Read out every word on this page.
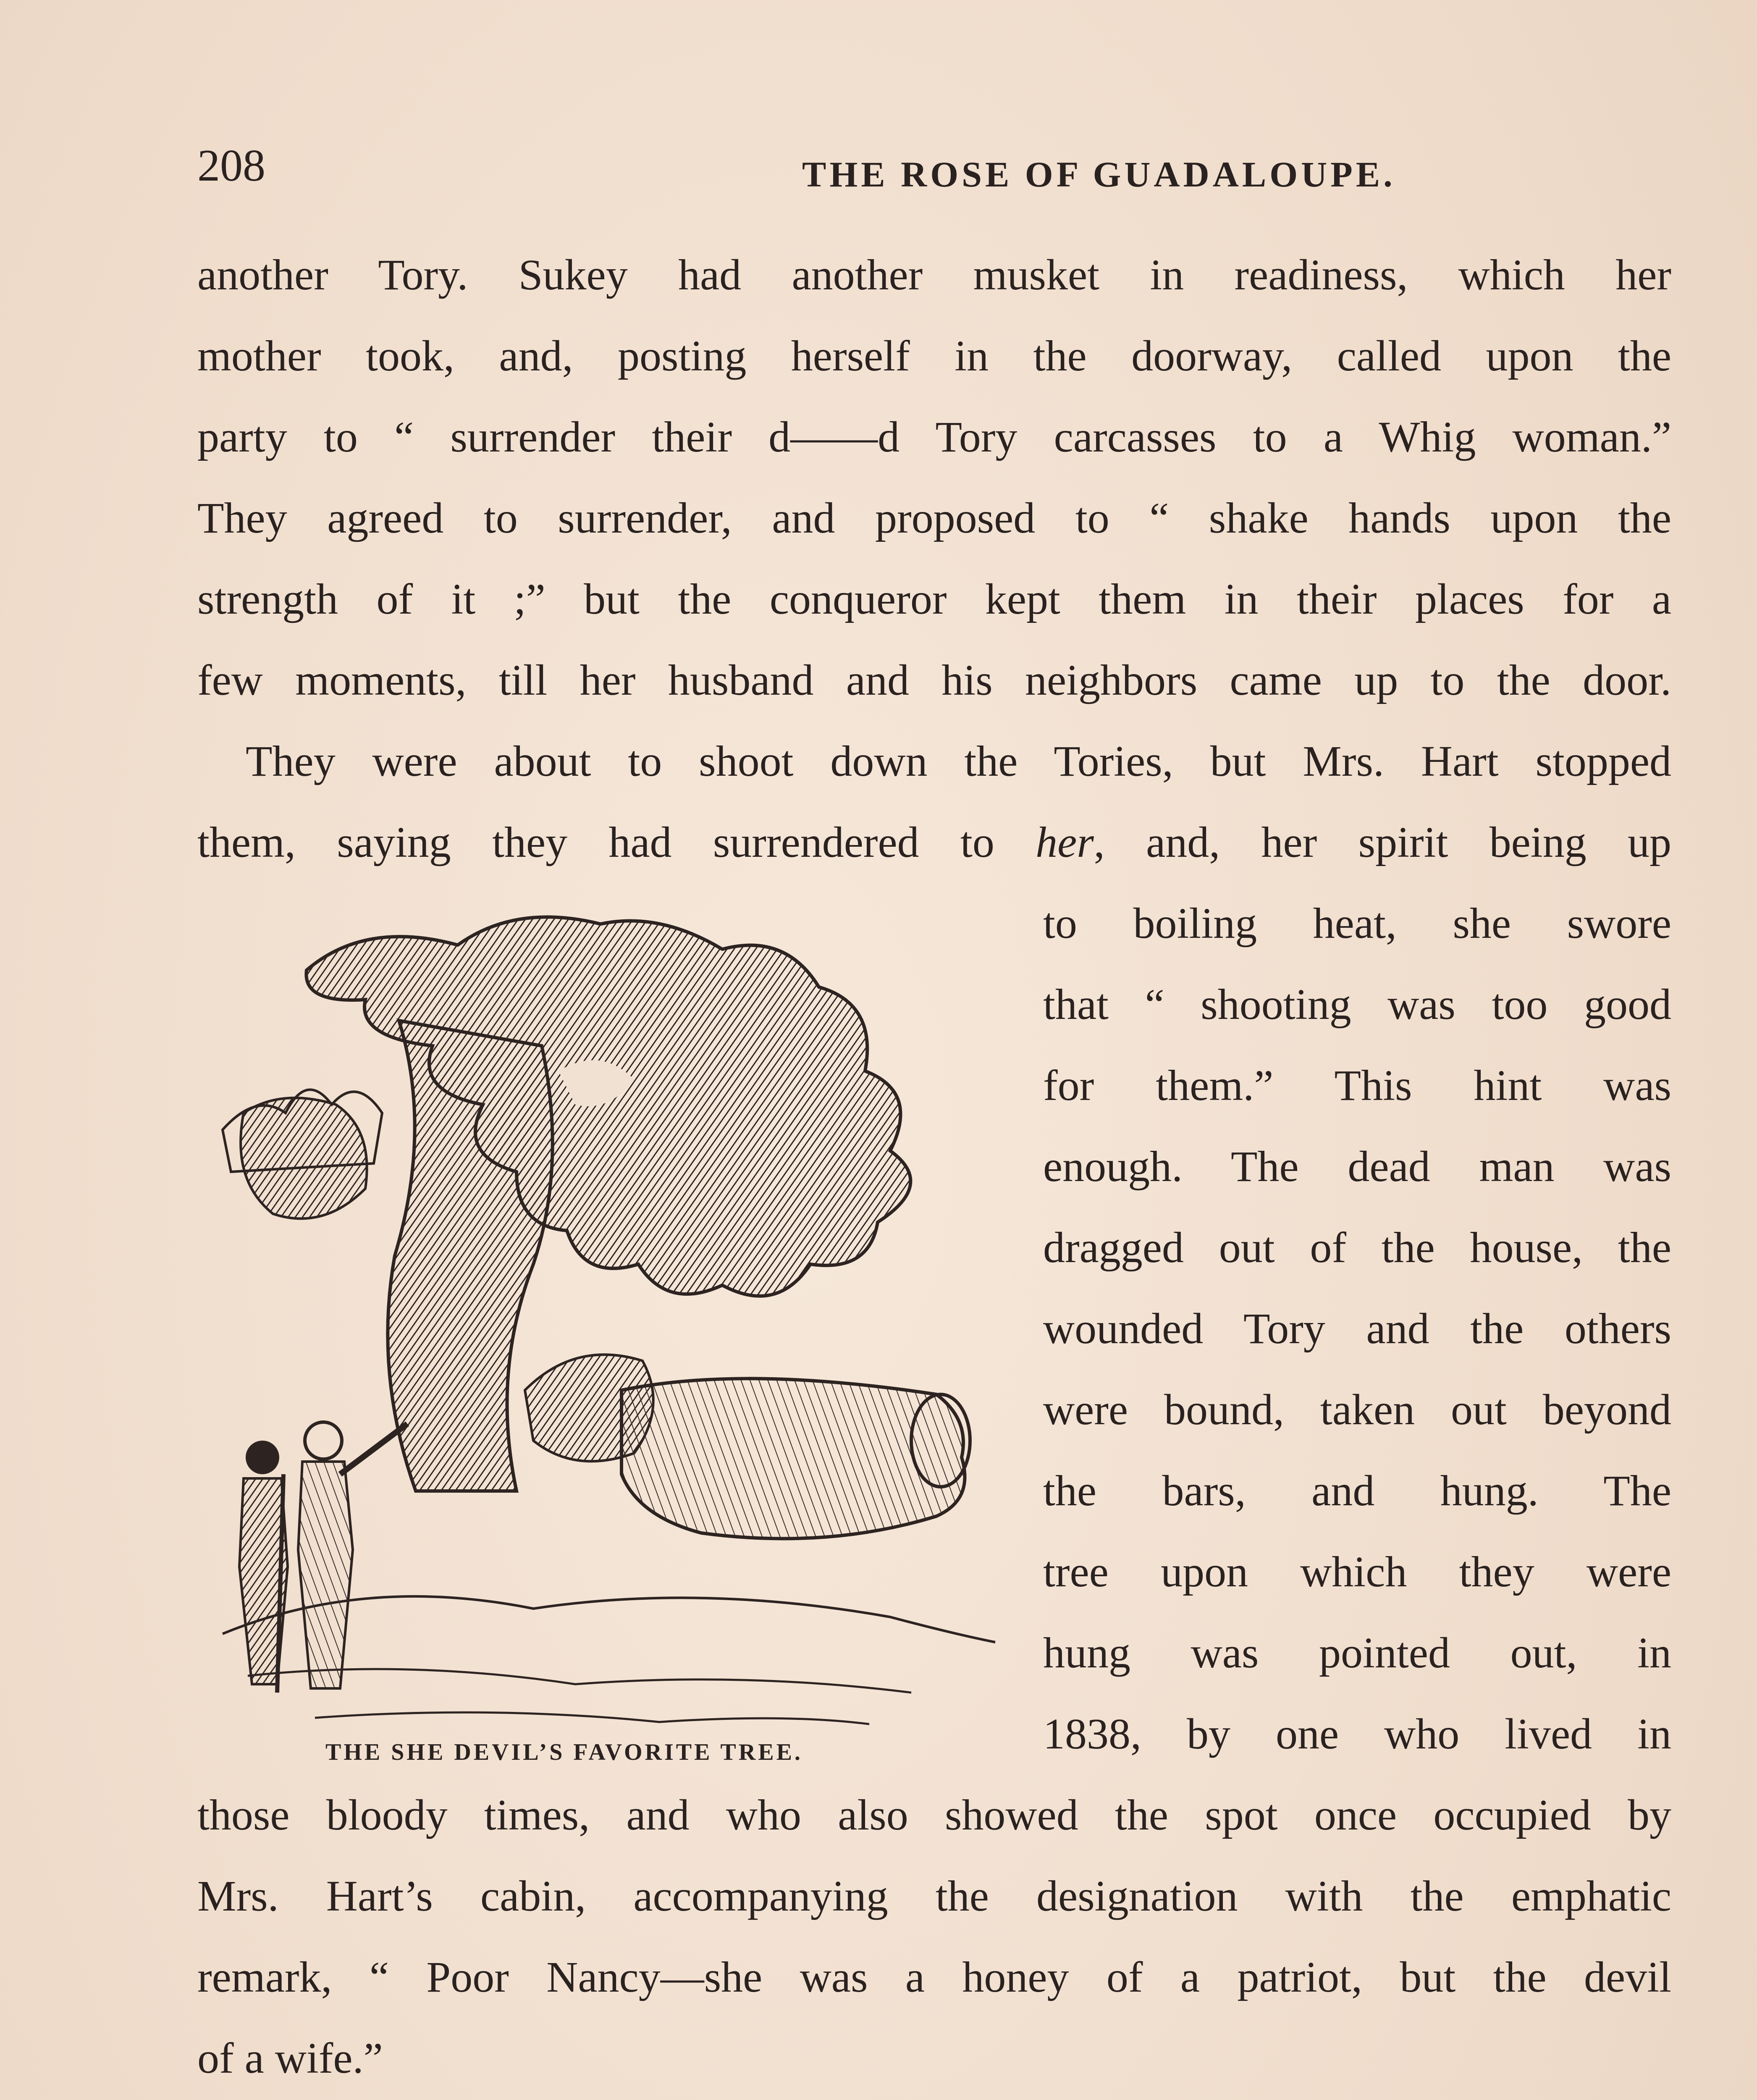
208	THE ROSE OF GUADALOUPE.
another Tory. Sukey had another musket in readiness, which her
mother took, and, posting herself in the doorway, called upon the
party to “ surrender their d——d Tory carcasses to a Whig woman.”
They agreed to surrender, and proposed to “ shake hands upon the
strength of it ;” but the conqueror kept them in their places for a
few moments, till her husband and his neighbors came up to the door.
They were about to shoot down the Tories, but Mrs. Hart stopped
them, saying they had surrendered to her, and, her spirit being up
to boiling heat, she swore
that “ shooting was too good
for them.” This hint was
enough. The dead man was
dragged out of the house, the
wounded Tory and the others
were bound, taken out beyond
the bars, and hung. The
tree upon which they were
hung was pointed out, in
1838, by one who lived in
those bloody times, and who also showed the spot once occupied by
Mrs. Hart’s cabin, accompanying the designation with the emphatic
remark, “ Poor Nancy—she was a honey of a patriot, but the devil
of a wife.”
THE SHE DEVIL’S FAVORITE TREE.
